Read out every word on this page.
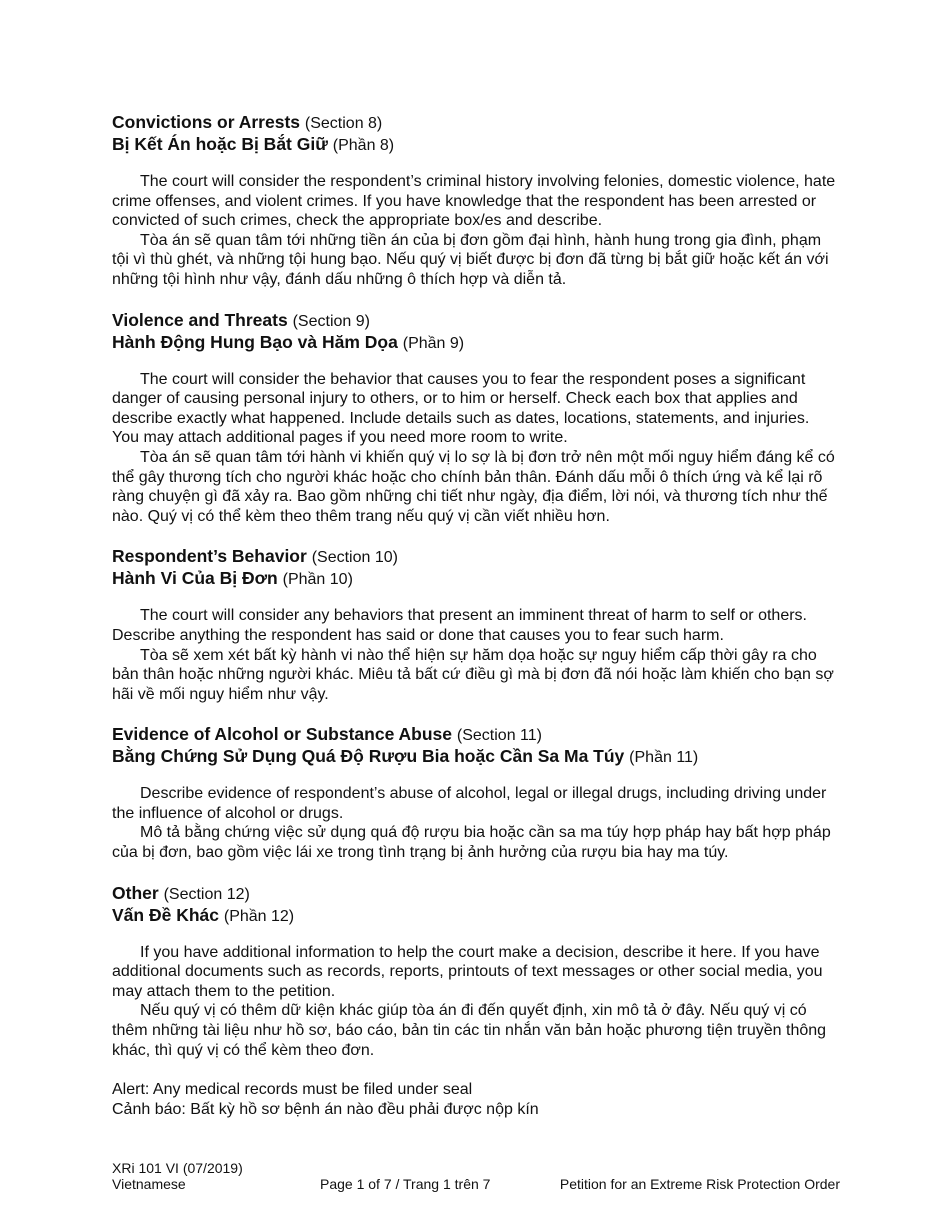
Convictions or Arrests (Section 8)

Bị Kết Án hoặc Bị Bắt Giữ (Phần 8)

The court will consider the respondent’s criminal history involving felonies, domestic violence, hate crime offenses, and violent crimes. If you have knowledge that the respondent has been arrested or convicted of such crimes, check the appropriate box/es and describe.

Tòa án sẽ quan tâm tới những tiền án của bị đơn gồm đại hình, hành hung trong gia đình, phạm tội vì thù ghét, và những tội hung bạo. Nếu quý vị biết được bị đơn đã từng bị bắt giữ hoặc kết án với những tội hình như vậy, đánh dấu những ô thích hợp và diễn tả.

Violence and Threats (Section 9)

Hành Động Hung Bạo và Hăm Dọa (Phần 9)

The court will consider the behavior that causes you to fear the respondent poses a significant danger of causing personal injury to others, or to him or herself. Check each box that applies and describe exactly what happened. Include details such as dates, locations, statements, and injuries. You may attach additional pages if you need more room to write.

Tòa án sẽ quan tâm tới hành vi khiến quý vị lo sợ là bị đơn trở nên một mối nguy hiểm đáng kể có thể gây thương tích cho người khác hoặc cho chính bản thân. Đánh dấu mỗi ô thích ứng và kể lại rõ ràng chuyện gì đã xảy ra. Bao gồm những chi tiết như ngày, địa điểm, lời nói, và thương tích như thế nào. Quý vị có thể kèm theo thêm trang nếu quý vị cần viết nhiều hơn.

Respondent’s Behavior (Section 10)

Hành Vi Của Bị Đơn (Phần 10)

The court will consider any behaviors that present an imminent threat of harm to self or others. Describe anything the respondent has said or done that causes you to fear such harm.

Tòa sẽ xem xét bất kỳ hành vi nào thể hiện sự hăm dọa hoặc sự nguy hiểm cấp thời gây ra cho bản thân hoặc những người khác. Miêu tả bất cứ điều gì mà bị đơn đã nói hoặc làm khiến cho bạn sợ hãi về mối nguy hiểm như vậy.

Evidence of Alcohol or Substance Abuse (Section 11)

Bằng Chứng Sử Dụng Quá Độ Rượu Bia hoặc Cần Sa Ma Túy (Phần 11)

Describe evidence of respondent’s abuse of alcohol, legal or illegal drugs, including driving under the influence of alcohol or drugs.

Mô tả bằng chứng việc sử dụng quá độ rượu bia hoặc cần sa ma túy hợp pháp hay bất hợp pháp của bị đơn, bao gồm việc lái xe trong tình trạng bị ảnh hưởng của rượu bia hay ma túy.

Other (Section 12)

Vấn Đề Khác (Phần 12)

If you have additional information to help the court make a decision, describe it here. If you have additional documents such as records, reports, printouts of text messages or other social media, you may attach them to the petition.

Nếu quý vị có thêm dữ kiện khác giúp tòa án đi đến quyết định, xin mô tả ở đây. Nếu quý vị có thêm những tài liệu như hồ sơ, báo cáo, bản tin các tin nhắn văn bản hoặc phương tiện truyền thông khác, thì quý vị có thể kèm theo đơn.

Alert: Any medical records must be filed under seal

Cảnh báo: Bất kỳ hồ sơ bệnh án nào đều phải được nộp kín

XRi 101 VI (07/2019)
Vietnamese	Page 1 of 7 / Trang 1 trên 7	Petition for an Extreme Risk Protection Order
